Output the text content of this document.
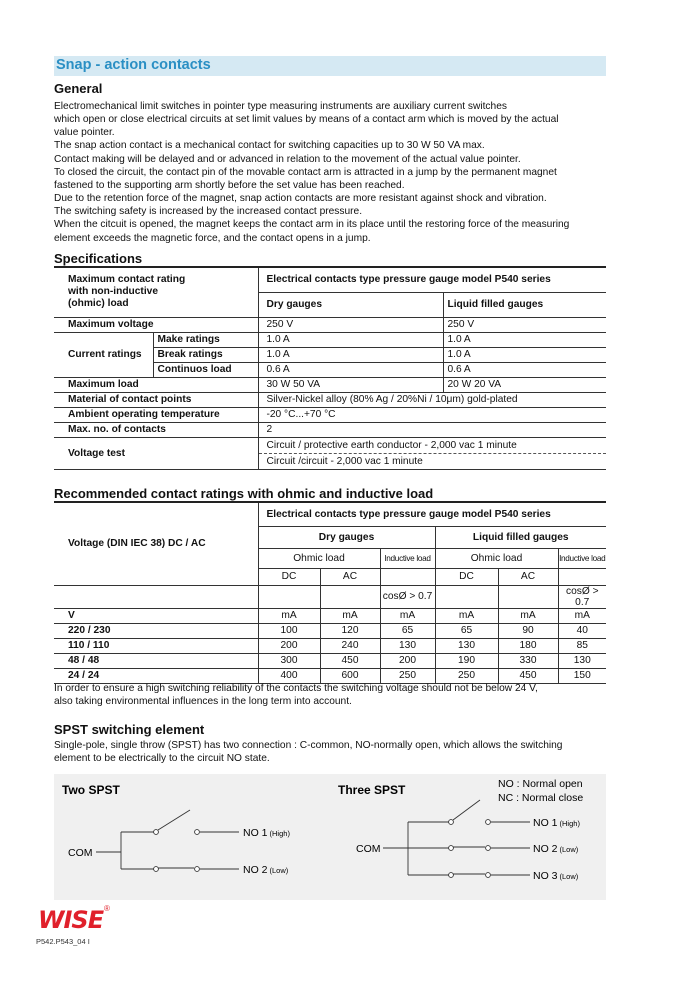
Snap - action contacts
General
Electromechanical limit switches in pointer type measuring instruments are auxiliary current switches
which open or close electrical circuits at set limit values by means of a contact arm which is moved by the actual
value pointer.
The snap action contact is a mechanical contact for switching capacities up to 30 W 50 VA max.
Contact making will be delayed and or advanced in relation to the movement of the actual value pointer.
To closed the circuit, the contact pin of the movable contact arm is attracted in a jump by the permanent magnet
fastened to the supporting arm shortly before the set value has been reached.
Due to the retention force of the magnet, snap action contacts are more resistant against shock and vibration.
The switching safety is increased by the increased contact pressure.
When the citcuit is opened, the magnet keeps the contact arm in its place until the restoring force of the measuring
element exceeds the magnetic force, and the contact opens in a jump.
Specifications
Maximum contact rating
with non-inductive
(ohmic) load		Electrical contacts type pressure gauge model P540 series	
		Dry gauges	Liquid filled gauges
Maximum voltage		250 V	250 V
Current ratings	Make ratings	1.0 A	1.0 A
	Break ratings	1.0 A	1.0 A
	Continuos load	0.6 A	0.6 A
Maximum load		30 W 50 VA	20 W 20 VA
Material of contact points		Silver-Nickel alloy (80% Ag / 20%Ni / 10μm) gold-plated	
Ambient operating temperature		-20 °C...+70 °C	
Max. no. of contacts		2	
Voltage test		Circuit / protective earth conductor - 2,000 vac 1 minute
Circuit /circuit - 2,000 vac 1 minute	
Recommended contact ratings with ohmic and inductive load
Voltage (DIN IEC 38) DC / AC	Electrical contacts type pressure gauge model P540 series					
	Dry gauges			Liquid filled gauges		
	Ohmic load		Inductive load	Ohmic load		Inductive load
	DC	AC		DC	AC	
			cosØ > 0.7			cosØ > 0.7
V	mA	mA	mA	mA	mA	mA
220 / 230	100	120	65	65	90	40
110 / 110	200	240	130	130	180	85
48 / 48	300	450	200	190	330	130
24 / 24	400	600	250	250	450	150
In order to ensure a high switching reliability of the contacts the switching voltage should not be below 24 V,
also taking environmental influences in the long term into account.
SPST switching element
Single-pole, single throw (SPST) has two connection : C-common, NO-normally open, which allows the switching
element to be electrically to the circuit NO state.
Two SPST
COM
NO 1 (High)
NO 2 (Low)
Three SPST	NO : Normal open
NC : Normal close
COM
NO 1 (High)
NO 2 (Low)
NO 3 (Low)
WISE ®
P542.P543_04 I
